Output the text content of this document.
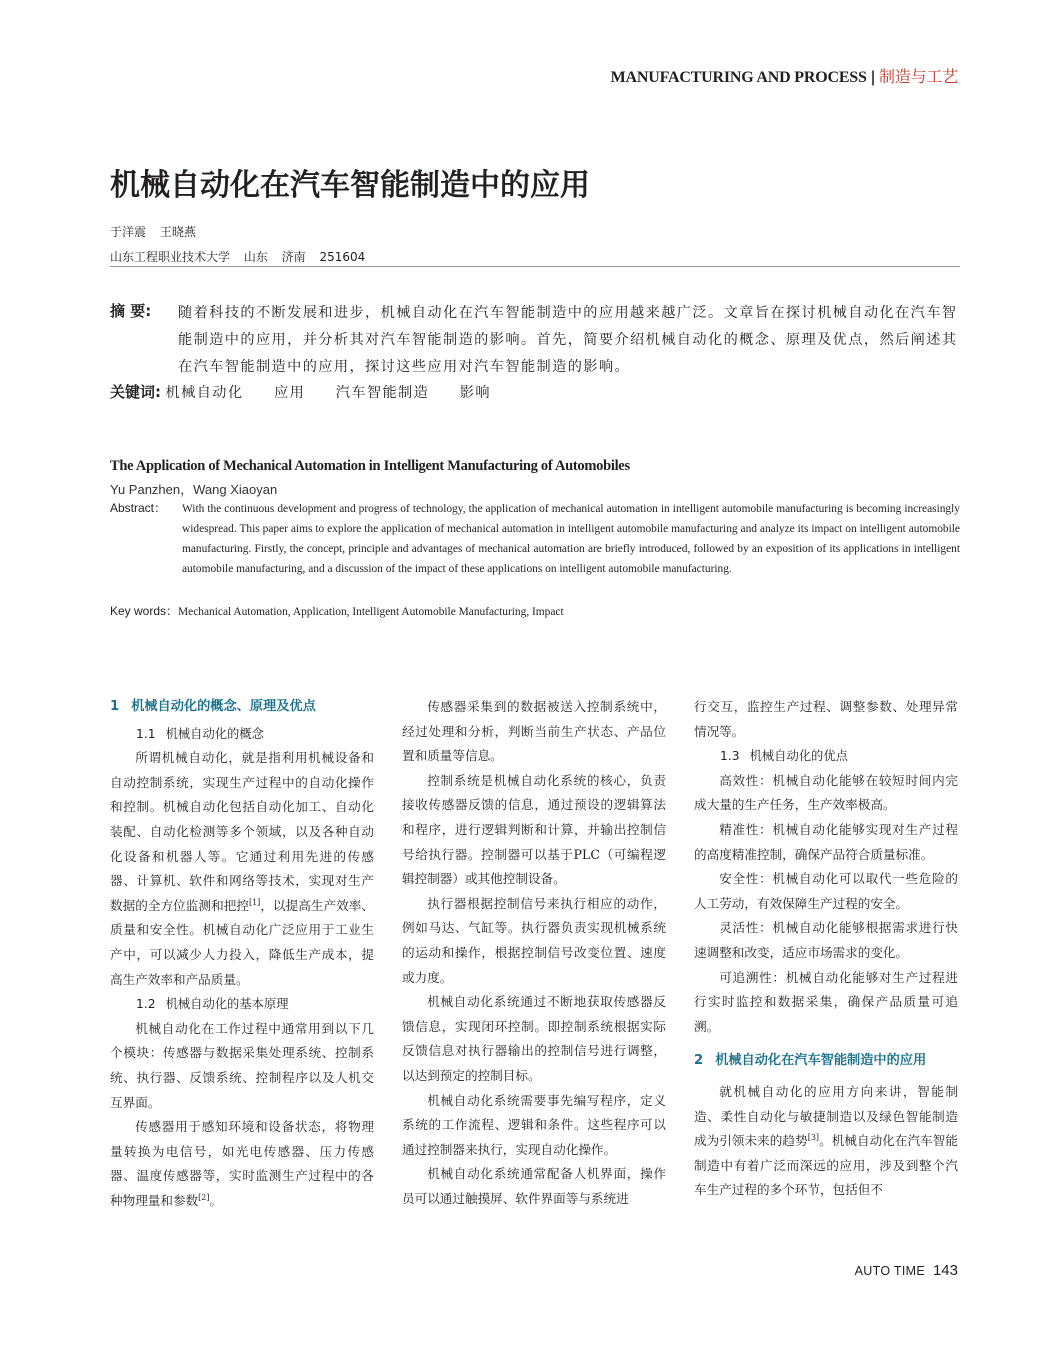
MANUFACTURING AND PROCESS | 制造与工艺
机械自动化在汽车智能制造中的应用
于洋震 王晓燕
山东工程职业技术大学 山东 济南 251604
摘 要: 随着科技的不断发展和进步，机械自动化在汽车智能制造中的应用越来越广泛。文章旨在探讨机械自动化在汽车智能制造中的应用，并分析其对汽车智能制造的影响。首先，简要介绍机械自动化的概念、原理及优点，然后阐述其在汽车智能制造中的应用，探讨这些应用对汽车智能制造的影响。
关键词: 机械自动化 应用 汽车智能制造 影响
The Application of Mechanical Automation in Intelligent Manufacturing of Automobiles
Yu Panzhen，Wang Xiaoyan
Abstract： With the continuous development and progress of technology, the application of mechanical automation in intelligent automobile manufacturing is becoming increasingly widespread. This paper aims to explore the application of mechanical automation in intelligent automobile manufacturing and analyze its impact on intelligent automobile manufacturing. Firstly, the concept, principle and advantages of mechanical automation are briefly introduced, followed by an exposition of its applications in intelligent automobile manufacturing, and a discussion of the impact of these applications on intelligent automobile manufacturing.
Key words：Mechanical Automation, Application, Intelligent Automobile Manufacturing, Impact
1 机械自动化的概念、原理及优点
1.1 机械自动化的概念

所谓机械自动化，就是指利用机械设备和自动控制系统，实现生产过程中的自动化操作和控制。机械自动化包括自动化加工、自动化装配、自动化检测等多个领域，以及各种自动化设备和机器人等。它通过利用先进的传感器、计算机、软件和网络等技术，实现对生产数据的全方位监测和把控[1]，以提高生产效率、质量和安全性。机械自动化广泛应用于工业生产中，可以减少人力投入，降低生产成本，提高生产效率和产品质量。

1.2 机械自动化的基本原理

机械自动化在工作过程中通常用到以下几个模块：传感器与数据采集处理系统、控制系统、执行器、反馈系统、控制程序以及人机交互界面。

传感器用于感知环境和设备状态，将物理量转换为电信号，如光电传感器、压力传感器、温度传感器等，实时监测生产过程中的各种物理量和参数[2]。

传感器采集到的数据被送入控制系统中，经过处理和分析，判断当前生产状态、产品位置和质量等信息。

控制系统是机械自动化系统的核心，负责接收传感器反馈的信息，通过预设的逻辑算法和程序，进行逻辑判断和计算，并输出控制信号给执行器。控制器可以基于PLC（可编程逻辑控制器）或其他控制设备。

执行器根据控制信号来执行相应的动作，例如马达、气缸等。执行器负责实现机械系统的运动和操作，根据控制信号改变位置、速度或力度。

机械自动化系统通过不断地获取传感器反馈信息，实现闭环控制。即控制系统根据实际反馈信息对执行器输出的控制信号进行调整，以达到预定的控制目标。

机械自动化系统需要事先编写程序，定义系统的工作流程、逻辑和条件。这些程序可以通过控制器来执行，实现自动化操作。

机械自动化系统通常配备人机界面，操作员可以通过触摸屏、软件界面等与系统进

行交互，监控生产过程、调整参数、处理异常情况等。

1.3 机械自动化的优点

高效性：机械自动化能够在较短时间内完成大量的生产任务，生产效率极高。

精准性：机械自动化能够实现对生产过程的高度精准控制，确保产品符合质量标准。

安全性：机械自动化可以取代一些危险的人工劳动，有效保障生产过程的安全。

灵活性：机械自动化能够根据需求进行快速调整和改变，适应市场需求的变化。

可追溯性：机械自动化能够对生产过程进行实时监控和数据采集，确保产品质量可追溯。

2 机械自动化在汽车智能制造中的应用

就机械自动化的应用方向来讲，智能制造、柔性自动化与敏捷制造以及绿色智能制造成为引领未来的趋势[3]。机械自动化在汽车智能制造中有着广泛而深远的应用，涉及到整个汽车生产过程的多个环节，包括但不

AUTO TIME 143
